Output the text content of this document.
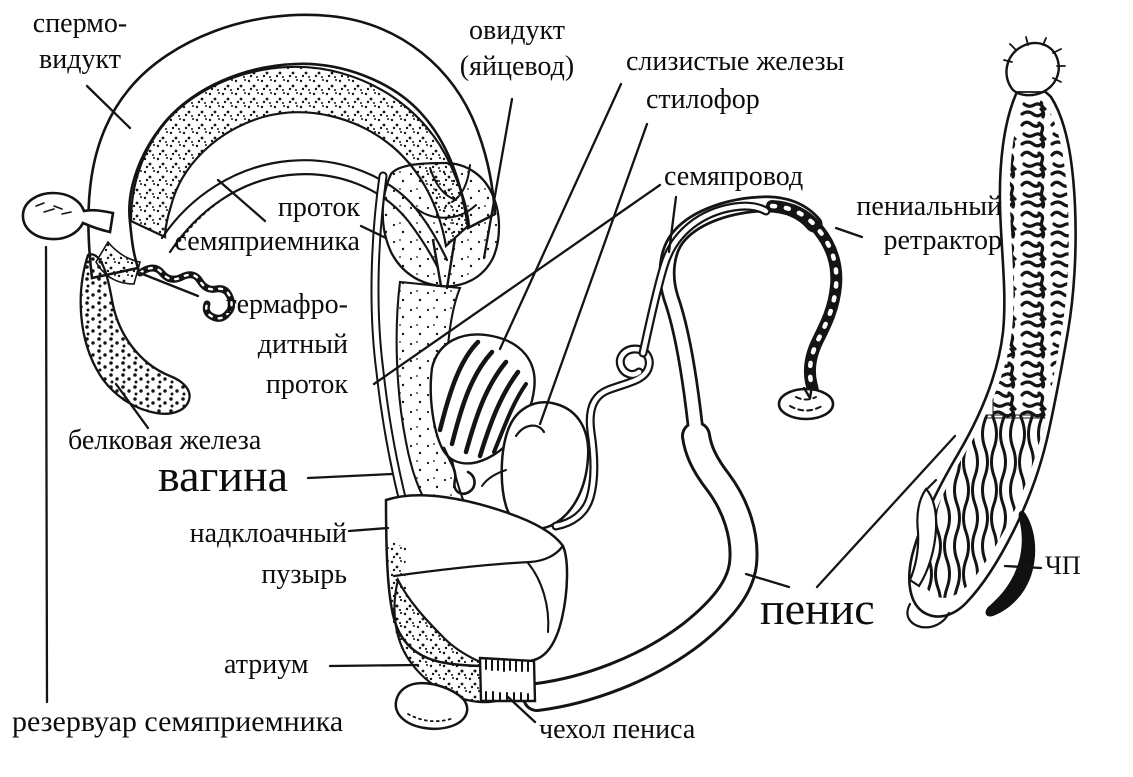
спермо-
видукт
овидукт
(яйцевод)	слизистые железы
стилофор
семяпровод
пениальный
ретрактор
проток
семяприемника
гермафро-
дитный
проток
белковая железа
вагина
надклоачный
пузырь
атриум
резервуар семяприемника	чехол пениса
пенис
ЧП
